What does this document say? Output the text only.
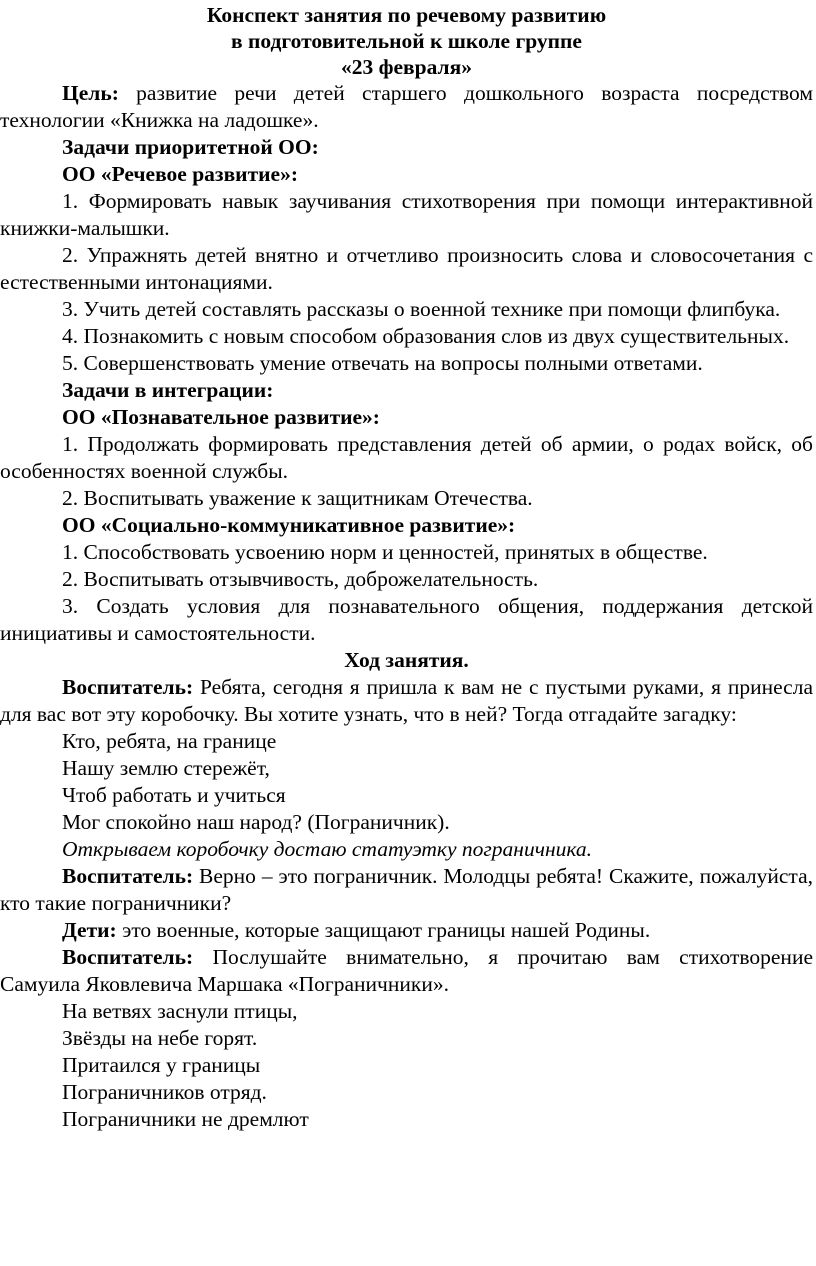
Конспект занятия по речевому развитию

в подготовительной к школе группе

«23 февраля»

Цель: развитие речи детей старшего дошкольного возраста посредством технологии «Книжка на ладошке».

Задачи приоритетной ОО:

ОО «Речевое развитие»:

1. Формировать навык заучивания стихотворения при помощи интерактивной книжки-малышки.

2. Упражнять детей внятно и отчетливо произносить слова и словосочетания с естественными интонациями.

3. Учить детей составлять рассказы о военной технике при помощи флипбука.

4. Познакомить с новым способом образования слов из двух существительных.

5. Совершенствовать умение отвечать на вопросы полными ответами.

Задачи в интеграции:

ОО «Познавательное развитие»:

1. Продолжать формировать представления детей об армии, о родах войск, об особенностях военной службы.

2. Воспитывать уважение к защитникам Отечества.

ОО «Социально-коммуникативное развитие»:

1. Способствовать усвоению норм и ценностей, принятых в обществе.

2. Воспитывать отзывчивость, доброжелательность.

3. Создать условия для познавательного общения, поддержания детской инициативы и самостоятельности.

Ход занятия.

Воспитатель: Ребята, сегодня я пришла к вам не с пустыми руками, я принесла для вас вот эту коробочку. Вы хотите узнать, что в ней? Тогда отгадайте загадку:

Кто, ребята, на границе

Нашу землю стережёт,

Чтоб работать и учиться

Мог спокойно наш народ? (Пограничник).

Открываем коробочку достаю статуэтку пограничника.

Воспитатель: Верно – это пограничник. Молодцы ребята! Скажите, пожалуйста, кто такие пограничники?

Дети: это военные, которые защищают границы нашей Родины.

Воспитатель: Послушайте внимательно, я прочитаю вам стихотворение Самуила Яковлевича Маршака «Пограничники».

На ветвях заснули птицы,

Звёзды на небе горят.

Притаился у границы

Пограничников отряд.

Пограничники не дремлют
